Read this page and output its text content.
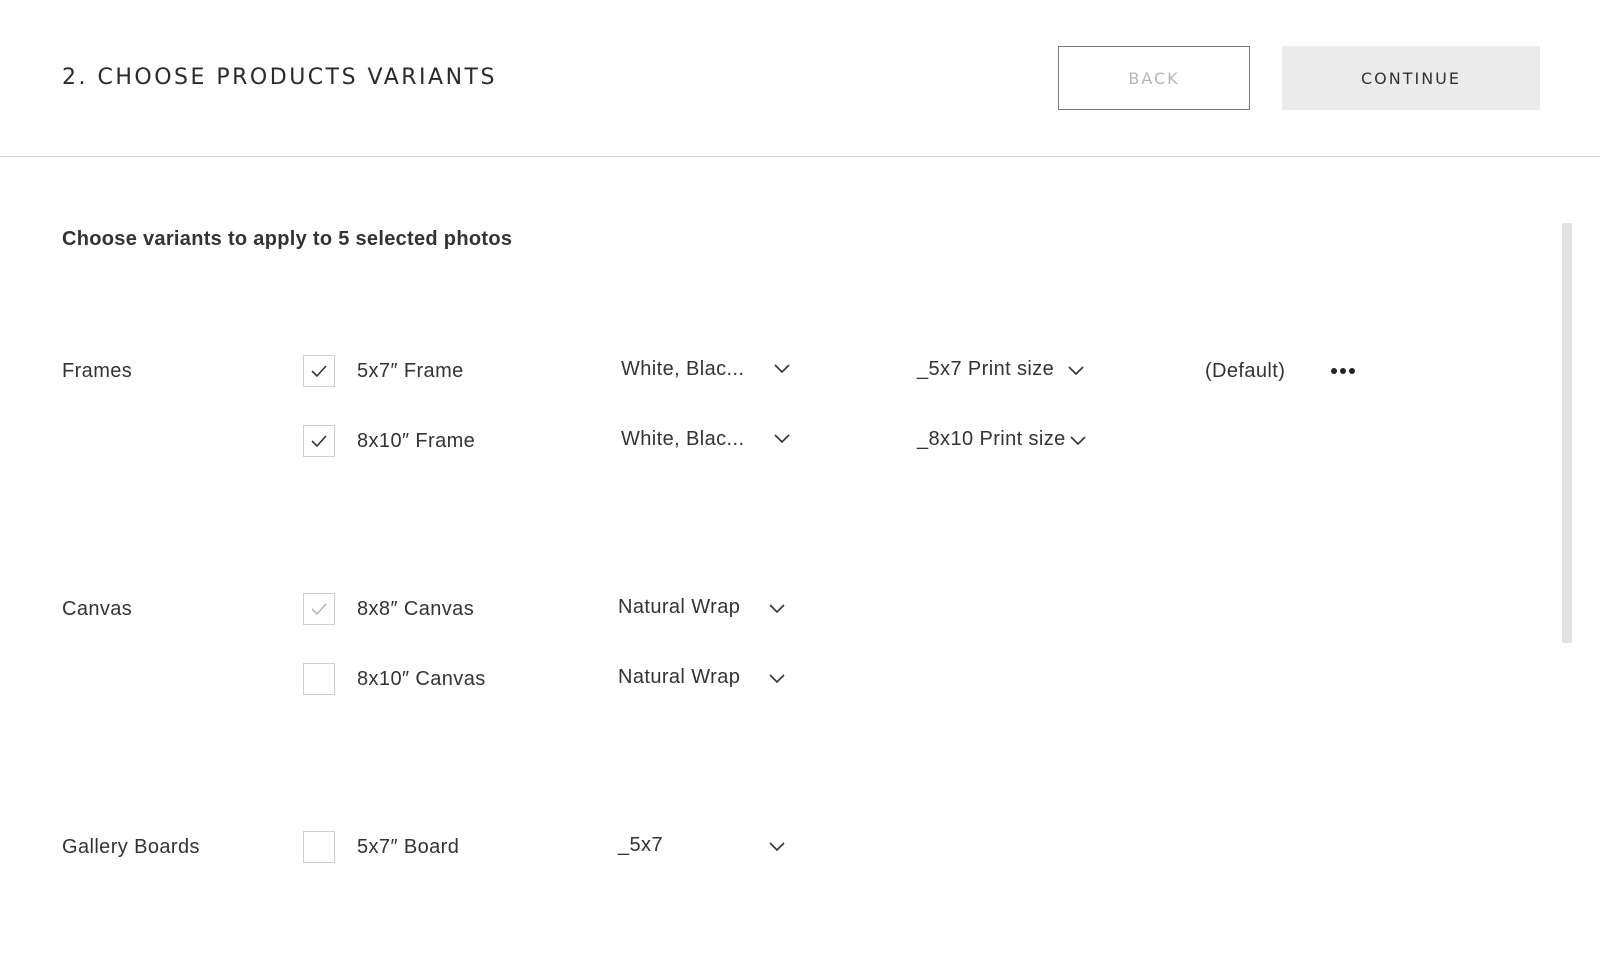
2. CHOOSE PRODUCTS VARIANTS	BACK	CONTINUE
Choose variants to apply to 5 selected photos
Frames	5x7″ Frame	White, Blac...	_5x7 Print size	(Default)
8x10″ Frame	White, Blac...	_8x10 Print size
Canvas	8x8″ Canvas	Natural Wrap
8x10″ Canvas	Natural Wrap
Gallery Boards	5x7″ Board	_5x7
